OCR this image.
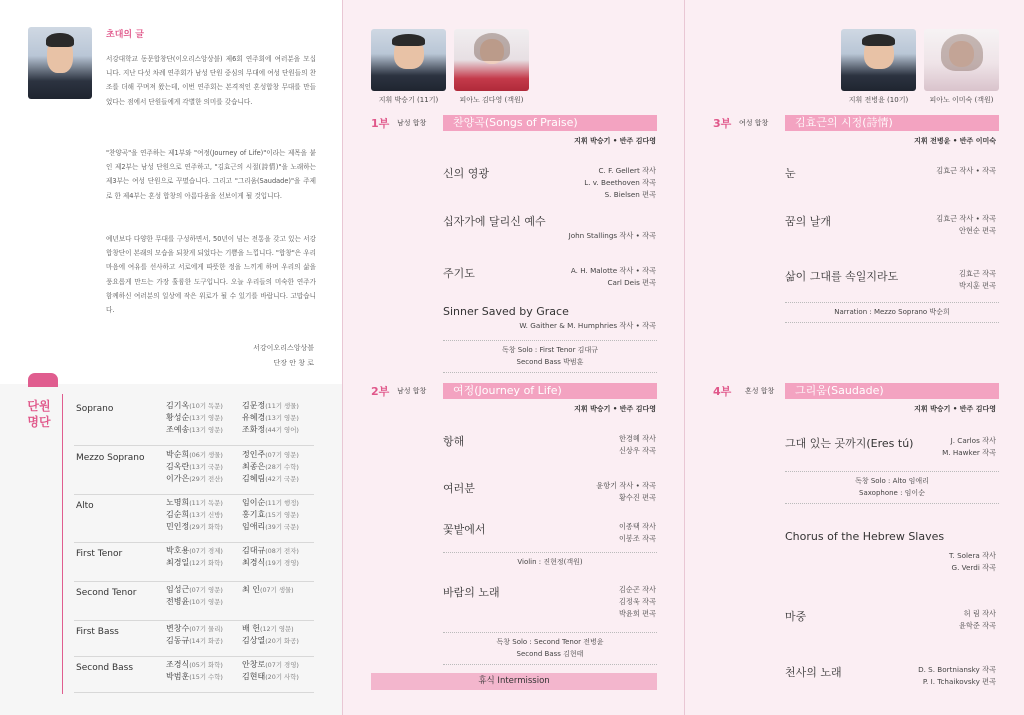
초대의 글

서강대학교 동문합창단(이오리스앙상블) 제6회 연주회에 여러분을 모십니다. 지난 다섯 차례 연주회가 남성 단원 중심의 무대에 여성 단원들의 찬조를 더해 꾸며져 왔는데, 이번 연주회는 본격적인 혼성합창 무대를 만들었다는 점에서 단원들에게 각별한 의미를 갖습니다.

"찬양곡"을 연주하는 제1부와 "여정(Journey of Life)"이라는 제목을 붙인 제2부는 남성 단원으로 연주하고, "김효근의 시절(詩情)"을 노래하는 제3부는 여성 단원으로 꾸몄습니다. 그리고 "그리움(Saudade)"을 주제로 한 제4부는 혼성 합창의 아름다움을 선보이게 될 것입니다.

예년보다 다양한 무대를 구성하면서, 50년이 넘는 전통을 갖고 있는 서강합창단이 본래의 모습을 되찾게 되었다는 기쁨을 느낍니다. "합창"은 우리 마음에 여유를 선사하고 서로에게 따뜻한 정을 느끼게 하며 우리의 삶을 풍요롭게 만드는 가장 훌륭한 도구입니다. 오늘 우리들의 미숙한 연주가 함께하신 여러분의 일상에 작은 위로가 될 수 있기를 바랍니다. 고맙습니다.

서강이오리스앙상블
단장 안 창 로
단원 명단
Soprano	김기옥(10기 독문) 김문정(11기 생물)
황성순(13기 영문) 유혜경(13기 영문)
조예송(13기 영문) 조화정(44기 영어)
Mezzo Soprano	박순희(06기 생물) 정인주(07기 영문)
김옥란(13기 국문) 최종은(28기 수학)
이가은(29기 전산) 김혜림(42기 국문)
Alto	노명희(11기 독문) 임이순(11기 행정)
김순희(13기 신방) 홍기효(15기 영문)
민인정(29기 화학) 임애리(39기 국문)
First Tenor	박호용(07기 경제) 김대규(08기 전자)
최경일(12기 화학) 최경식(19기 경영)
Second Tenor	임성근(07기 영문) 최 인(07기 생물)
전병윤(10기 영문)
First Bass	변창수(07기 물리) 배 헌(12기 영문)
김동규(14기 화공) 김상열(20기 화공)
Second Bass	조경식(05기 화학) 안창로(07기 경영)
박범훈(15기 수학) 김현태(20기 사학)
지휘 박승기 (11기)	피아노 김다영 (객원)
1부 남성 합창	찬양곡(Songs of Praise)
지휘 박승기 • 반주 김다영
신의 영광	C. F. Gellert 작사
L. v. Beethoven 작곡
S. Bielsen 편곡
십자가에 달리신 예수
John Stallings 작사 • 작곡
주기도	A. H. Malotte 작사 • 작곡
Carl Deis 편곡
Sinner Saved by Grace
W. Gaither & M. Humphries 작사 • 작곡
독창 Solo : First Tenor 김대규
Second Bass 박범훈
2부 남성 합창	여정(Journey of Life)
지휘 박승기 • 반주 김다영
항해	한경혜 작사
신상우 작곡
여러분	윤항기 작사 • 작곡
황수진 편곡
꽃밭에서	이종택 작사
이봉조 작곡
바람의 노래	김순곤 작사
김정욱 작곡
박윤희 편곡
Violin : 진현정(객원)
독창 Solo : Second Tenor 전병윤
Second Bass 김현태
휴식 Intermission
지휘 전병윤 (10기)	피아노 이미숙 (객원)
3부 여성 합창	김효근의 시정(詩情)
지휘 전병윤 • 반주 이미숙
눈	김효근 작사 • 작곡
꿈의 날개	김효근 작사 • 작곡
안현순 편곡
삶이 그대를 속일지라도	김효근 작곡
박지훈 편곡
Narration : Mezzo Soprano 박순희
4부 혼성 합창	그리움(Saudade)
지휘 박승기 • 반주 김다영
그대 있는 곳까지(Eres tú)	J. Carlos 작사
M. Hawker 작곡
Chorus of the Hebrew Slaves
T. Solera 작사
G. Verdi 작곡
마중	허 림 작사
윤학준 작곡
천사의 노래	D. S. Bortniansky 작곡
P. I. Tchaikovsky 편곡
독창 Solo : Alto 임애리
Saxophone : 임이순
